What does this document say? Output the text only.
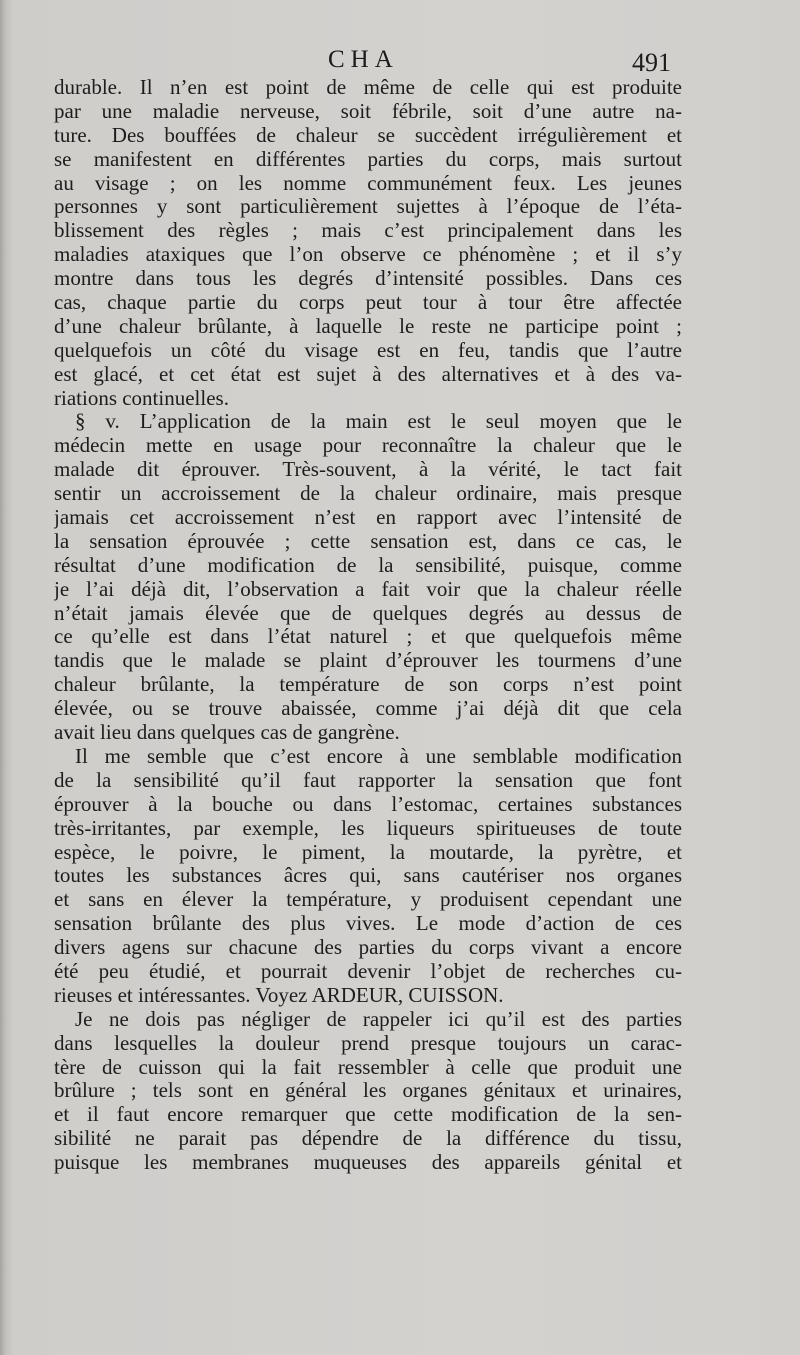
CHA	491
durable. Il n’en est point de même de celle qui est produite
par une maladie nerveuse, soit fébrile, soit d’une autre na-
ture. Des bouffées de chaleur se succèdent irrégulièrement et
se manifestent en différentes parties du corps, mais surtout
au visage ; on les nomme communément feux. Les jeunes
personnes y sont particulièrement sujettes à l’époque de l’éta-
blissement des règles ; mais c’est principalement dans les
maladies ataxiques que l’on observe ce phénomène ; et il s’y
montre dans tous les degrés d’intensité possibles. Dans ces
cas, chaque partie du corps peut tour à tour être affectée
d’une chaleur brûlante, à laquelle le reste ne participe point ;
quelquefois un côté du visage est en feu, tandis que l’autre
est glacé, et cet état est sujet à des alternatives et à des va-
riations continuelles.
§ v. L’application de la main est le seul moyen que le
médecin mette en usage pour reconnaître la chaleur que le
malade dit éprouver. Très-souvent, à la vérité, le tact fait
sentir un accroissement de la chaleur ordinaire, mais presque
jamais cet accroissement n’est en rapport avec l’intensité de
la sensation éprouvée ; cette sensation est, dans ce cas, le
résultat d’une modification de la sensibilité, puisque, comme
je l’ai déjà dit, l’observation a fait voir que la chaleur réelle
n’était jamais élevée que de quelques degrés au dessus de
ce qu’elle est dans l’état naturel ; et que quelquefois même
tandis que le malade se plaint d’éprouver les tourmens d’une
chaleur brûlante, la température de son corps n’est point
élevée, ou se trouve abaissée, comme j’ai déjà dit que cela
avait lieu dans quelques cas de gangrène.
Il me semble que c’est encore à une semblable modification
de la sensibilité qu’il faut rapporter la sensation que font
éprouver à la bouche ou dans l’estomac, certaines substances
très-irritantes, par exemple, les liqueurs spiritueuses de toute
espèce, le poivre, le piment, la moutarde, la pyrètre, et
toutes les substances âcres qui, sans cautériser nos organes
et sans en élever la température, y produisent cependant une
sensation brûlante des plus vives. Le mode d’action de ces
divers agens sur chacune des parties du corps vivant a encore
été peu étudié, et pourrait devenir l’objet de recherches cu-
rieuses et intéressantes. Voyez ARDEUR, CUISSON.
Je ne dois pas négliger de rappeler ici qu’il est des parties
dans lesquelles la douleur prend presque toujours un carac-
tère de cuisson qui la fait ressembler à celle que produit une
brûlure ; tels sont en général les organes génitaux et urinaires,
et il faut encore remarquer que cette modification de la sen-
sibilité ne parait pas dépendre de la différence du tissu,
puisque les membranes muqueuses des appareils génital et
